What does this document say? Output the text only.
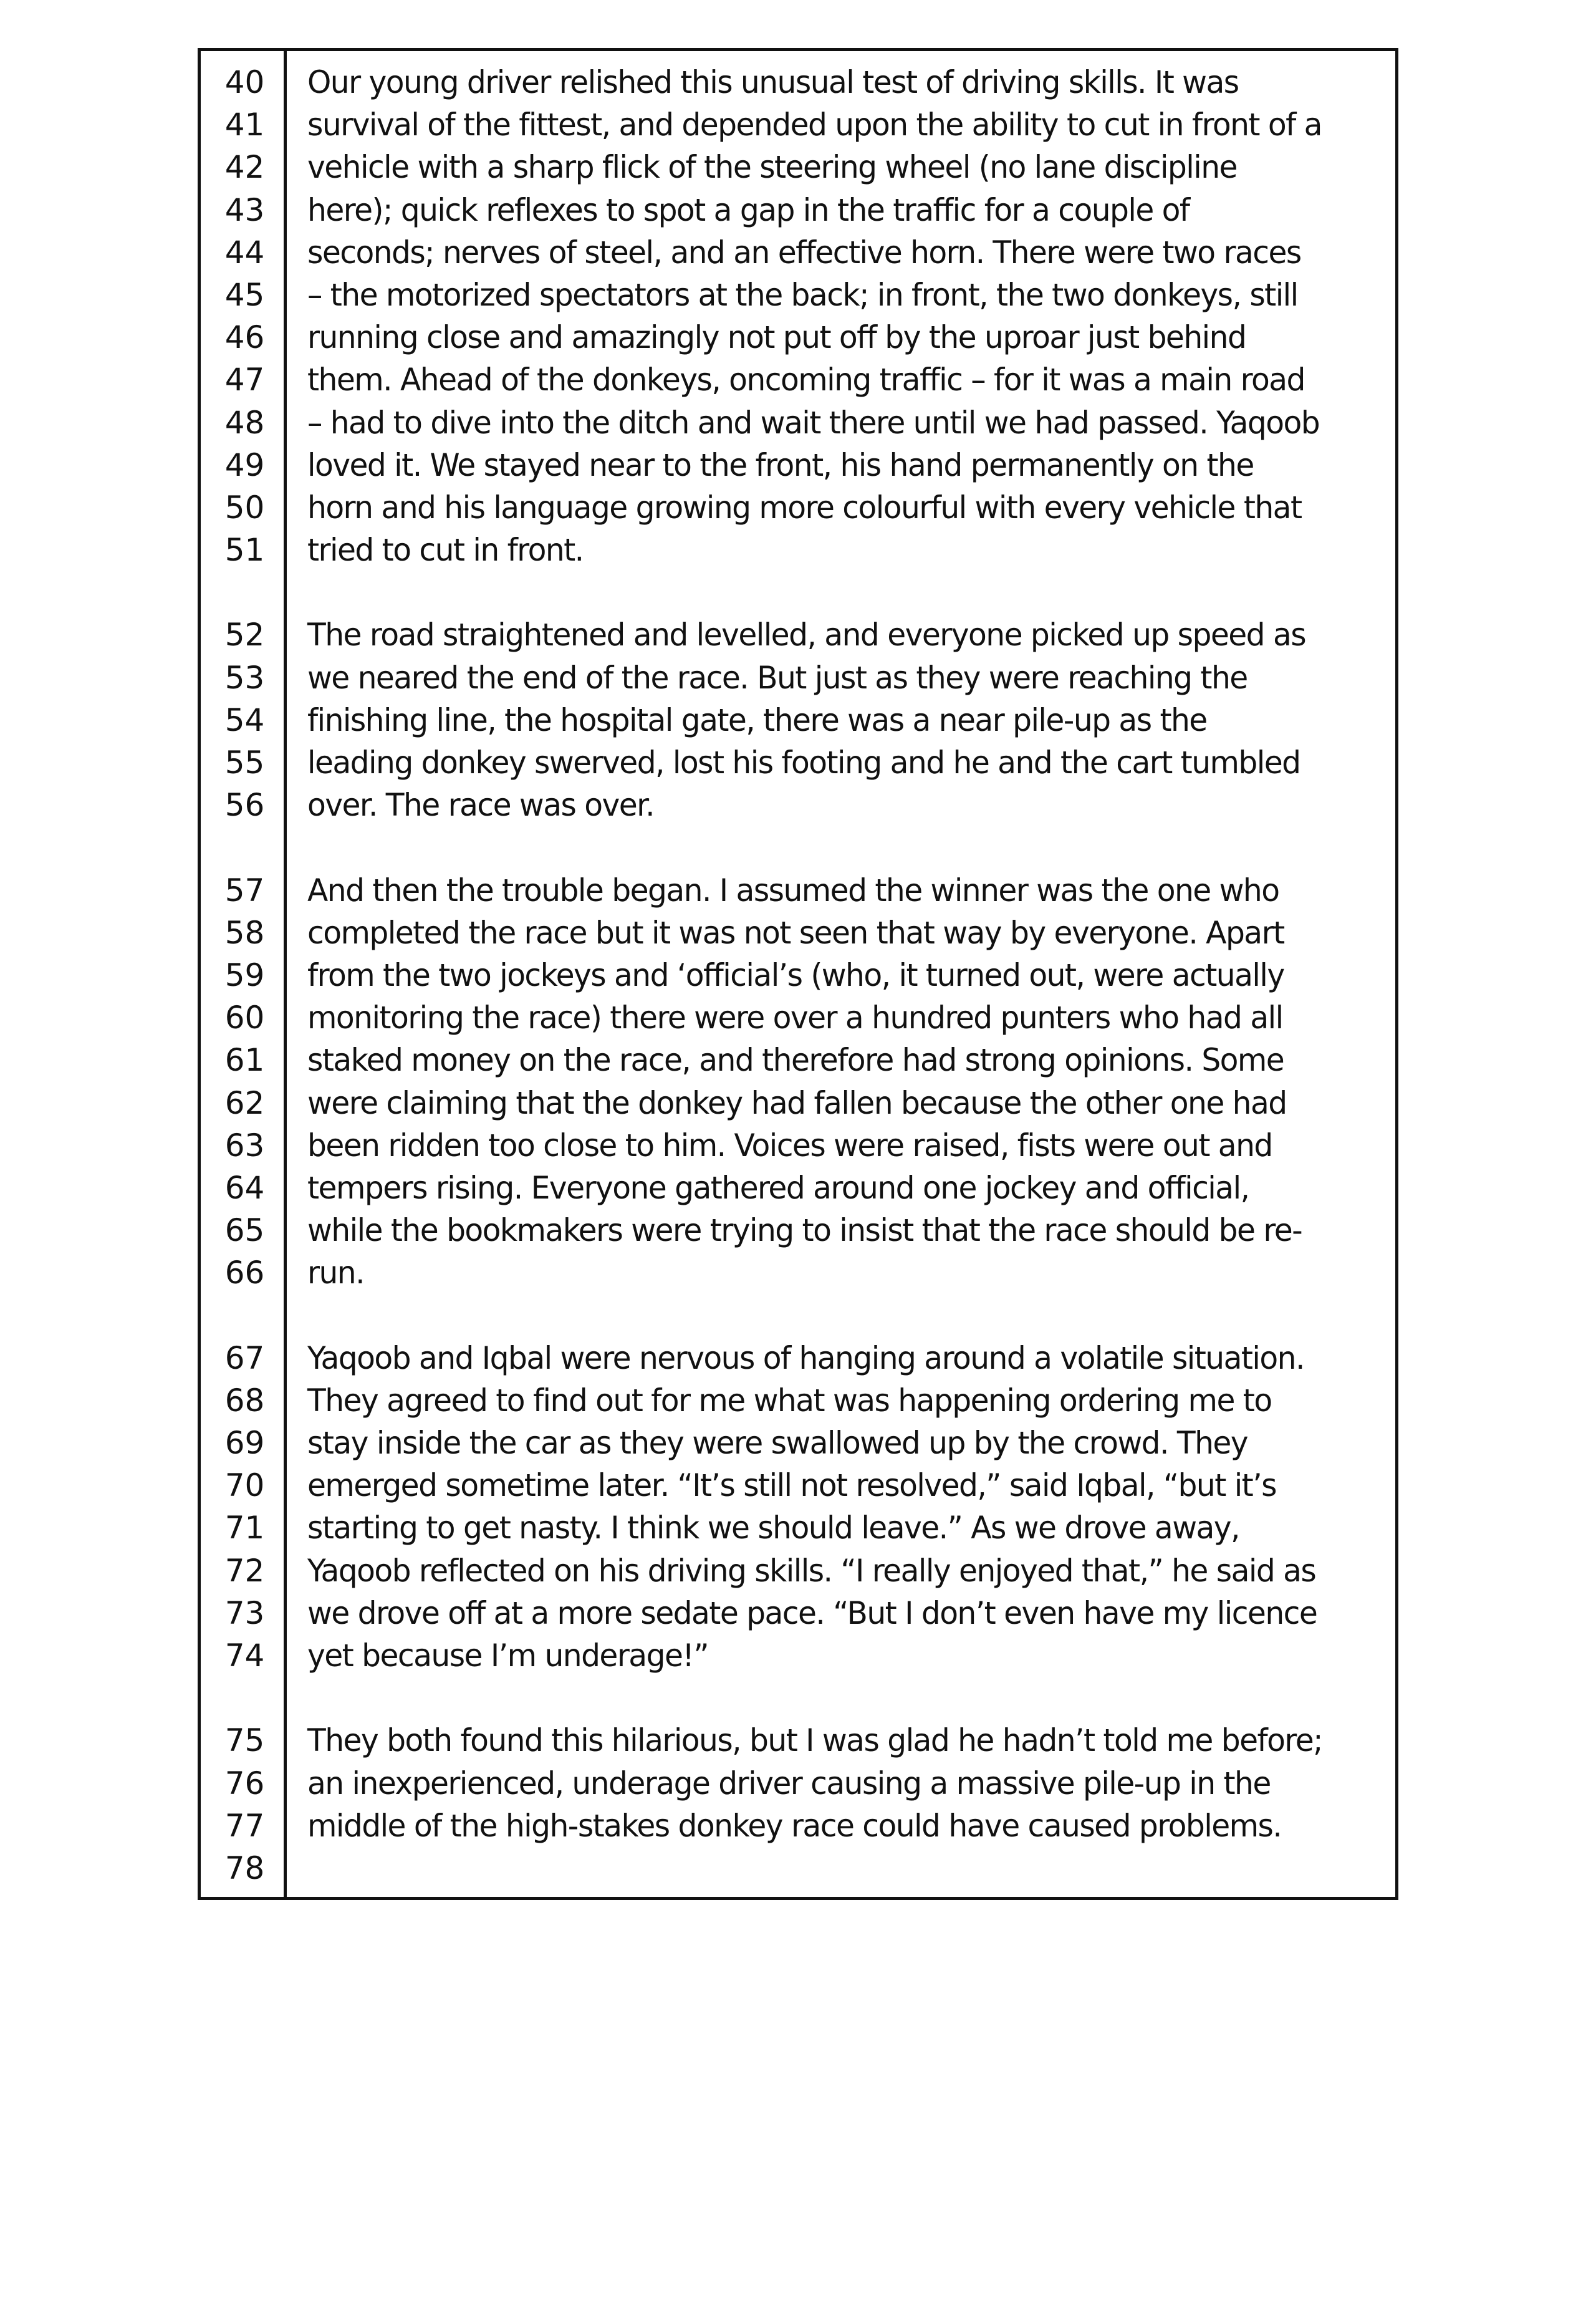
40
41
42
43
44
45
46
47
48
49
50
51
52
53
54
55
56
57
58
59
60
61
62
63
64
65
66
67
68
69
70
71
72
73
74
75
76
77
78
Our young driver relished this unusual test of driving skills. It was
survival of the fittest, and depended upon the ability to cut in front of a
vehicle with a sharp flick of the steering wheel (no lane discipline
here); quick reflexes to spot a gap in the traffic for a couple of
seconds; nerves of steel, and an effective horn. There were two races
– the motorized spectators at the back; in front, the two donkeys, still
running close and amazingly not put off by the uproar just behind
them. Ahead of the donkeys, oncoming traffic – for it was a main road
– had to dive into the ditch and wait there until we had passed. Yaqoob
loved it. We stayed near to the front, his hand permanently on the
horn and his language growing more colourful with every vehicle that
tried to cut in front.
The road straightened and levelled, and everyone picked up speed as
we neared the end of the race. But just as they were reaching the
finishing line, the hospital gate, there was a near pile-up as the
leading donkey swerved, lost his footing and he and the cart tumbled
over. The race was over.
And then the trouble began. I assumed the winner was the one who
completed the race but it was not seen that way by everyone. Apart
from the two jockeys and ‘official’s (who, it turned out, were actually
monitoring the race) there were over a hundred punters who had all
staked money on the race, and therefore had strong opinions. Some
were claiming that the donkey had fallen because the other one had
been ridden too close to him. Voices were raised, fists were out and
tempers rising. Everyone gathered around one jockey and official,
while the bookmakers were trying to insist that the race should be re-
run.
Yaqoob and Iqbal were nervous of hanging around a volatile situation.
They agreed to find out for me what was happening ordering me to
stay inside the car as they were swallowed up by the crowd. They
emerged sometime later. “It’s still not resolved,” said Iqbal, “but it’s
starting to get nasty. I think we should leave.” As we drove away,
Yaqoob reflected on his driving skills. “I really enjoyed that,” he said as
we drove off at a more sedate pace. “But I don’t even have my licence
yet because I’m underage!”
They both found this hilarious, but I was glad he hadn’t told me before;
an inexperienced, underage driver causing a massive pile-up in the
middle of the high-stakes donkey race could have caused problems.
